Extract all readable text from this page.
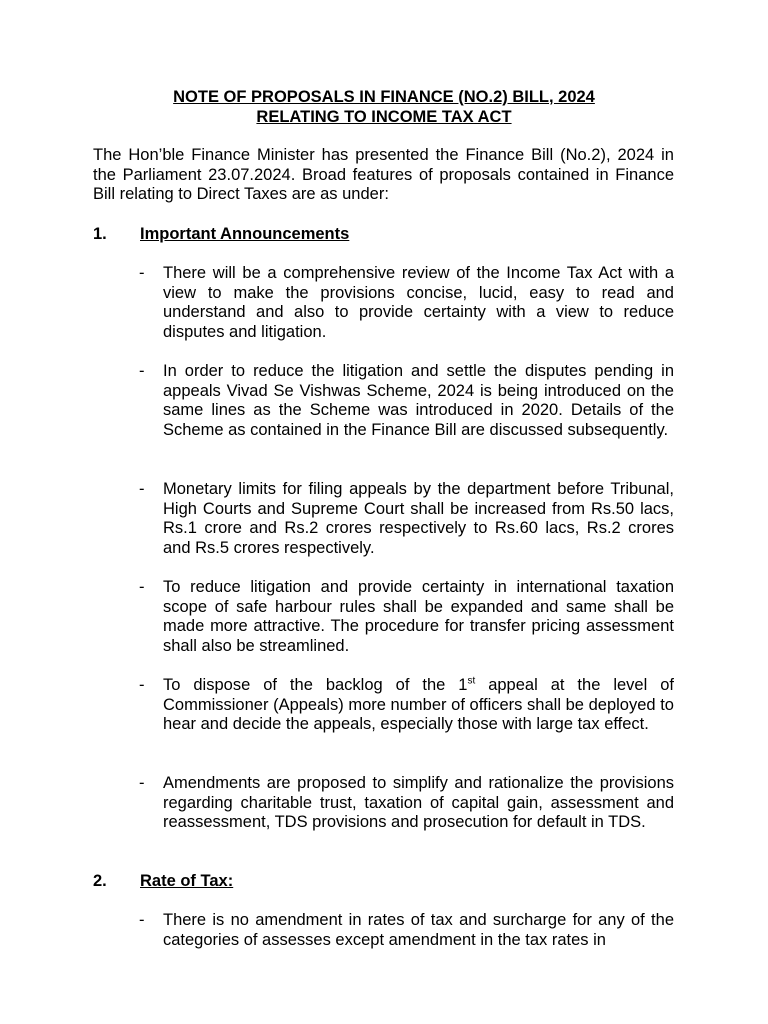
NOTE OF PROPOSALS IN FINANCE (NO.2) BILL, 2024

RELATING TO INCOME TAX ACT

The Hon’ble Finance Minister has presented the Finance Bill (No.2), 2024 in the Parliament 23.07.2024. Broad features of proposals contained in Finance Bill relating to Direct Taxes are as under:

1. Important Announcements
- There will be a comprehensive review of the Income Tax Act with a view to make the provisions concise, lucid, easy to read and understand and also to provide certainty with a view to reduce disputes and litigation.
- In order to reduce the litigation and settle the disputes pending in appeals Vivad Se Vishwas Scheme, 2024 is being introduced on the same lines as the Scheme was introduced in 2020. Details of the Scheme as contained in the Finance Bill are discussed subsequently.
- Monetary limits for filing appeals by the department before Tribunal, High Courts and Supreme Court shall be increased from Rs.50 lacs, Rs.1 crore and Rs.2 crores respectively to Rs.60 lacs, Rs.2 crores and Rs.5 crores respectively.
- To reduce litigation and provide certainty in international taxation scope of safe harbour rules shall be expanded and same shall be made more attractive. The procedure for transfer pricing assessment shall also be streamlined.
- To dispose of the backlog of the 1st appeal at the level of Commissioner (Appeals) more number of officers shall be deployed to hear and decide the appeals, especially those with large tax effect.
- Amendments are proposed to simplify and rationalize the provisions regarding charitable trust, taxation of capital gain, assessment and reassessment, TDS provisions and prosecution for default in TDS.
2. Rate of Tax:
- There is no amendment in rates of tax and surcharge for any of the categories of assesses except amendment in the tax rates in
